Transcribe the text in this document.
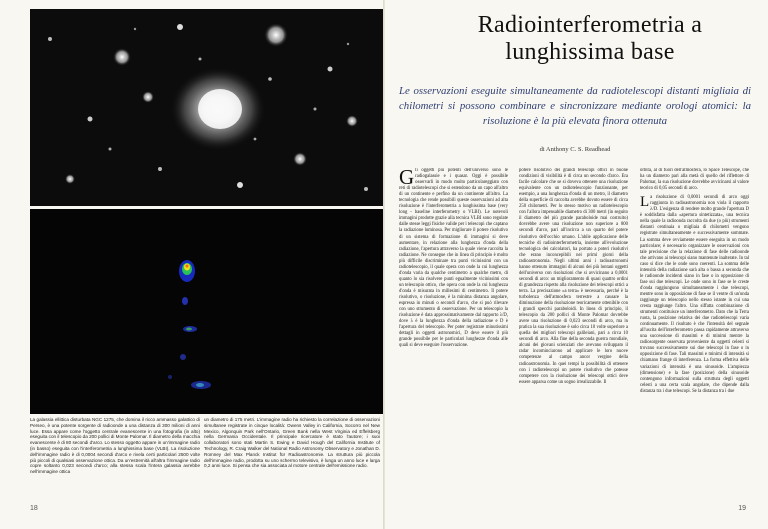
La galassia ellittica disturbata NGC 1275, che domina il ricco ammasso galattico di Perseo, è una potente sorgente di radioonde a una distanza di 300 milioni di anni luce. Essa appare come l'oggetto centrale evanescente in una fotografia (in alto) eseguita con il telescopio da 200 pollici di Monte Palomar. Il diametro della macchia evanescente è di 80 secondi d'arco. Lo stesso oggetto appare in un'immagine radio (in basso) eseguita con l'interferometria a lunghissima base (VLBI). La risoluzione dell'immagine radio è di 0,0004 secondi d'arco e rivela certi particolari 2500 volte più piccoli di qualsiasi osservazione ottica. Da un'estremità all'altra l'immagine radio copre soltanto 0,023 secondi d'arco; alla stessa scala l'intera galassia avrebbe nell'immagine ottica
un diametro di 175 metri. L'immagine radio ha richiesto la correlazione di osservazioni simultanee registrate in cinque località: Owens Valley in California, Socorro nel New Mexico, Algonquin Park nell'Ontario, Green Bank nella West Virginia ed Effelsberg nella Germania Occidentale. Il principale ricercatore è stato l'autore; i suoi collaboratori sono stati Martin S. Ewing e David Hough del California Institute of Technology, R. Craig Walker del National Radio Astronomy Observatory e Jonathan D. Romney del Max Planck Institut für Radioastronomie. La struttura più piccola dell'immagine radio, prodotta su uno schermo televisivo, è lunga un anno luce e larga 0,2 anni luce. Si pensa che sia associata al motore centrale dell'emissione radio.
18
Radiointerferometria a lunghissima base
Le osservazioni eseguite simultaneamente da radiotelescopi distanti migliaia di chilometri si possono combinare e sincronizzare mediante orologi atomici: la risoluzione è la più elevata finora ottenuta
di Anthony C. S. Readhead
Gli oggetti più potenti dell'universo sono le radiogalassie e i quasar. Oggi è possibile osservarli in modo molto particolareggiato con reti di radiotelescopi che si estendono da un capo all'altro di un continente e perfino da un continente all'altro. La tecnologia che rende possibili queste osservazioni ad alta risoluzione è l'interferometria a lunghissima base (very long - baseline interferometry o VLBI). Le notevoli immagini prodotte grazie alla tecnica VLBI sono regolate dalle stesse leggi fisiche valide per i telescopi che captano la radiazione luminosa. Per migliorare il potere risolutivo di un sistema di formazione di immagini si deve aumentare, in relazione alla lunghezza d'onda della radiazione, l'apertura attraverso la quale viene raccolta la radiazione. Ne consegue che in linea di principio è molto più difficile discriminare tra punti vicinissimi con un radiotelescopio, il quale opera con onde la cui lunghezza d'onda varia da qualche centimetro a qualche metro, di quanto lo sia risolvere punti egualmente vicinissimi con un telescopio ottico, che opera con onde la cui lunghezza d'onda è misurata in millesimi di centimetro. Il potere risolutivo, o risoluzione, è la minima distanza angolare, espressa in minuti o secondi d'arco, che si può rilevare con uno strumento di osservazione. Per un telescopio la risoluzione è data approssimativamente dal rapporto λ/D, dove λ è la lunghezza d'onda della radiazione e D è l'apertura del telescopio. Per poter registrare minutissimi dettagli in oggetti astronomici, D deve essere il più grande possibile per le particolari lunghezze d'onda alle quali si deve eseguire l'osservazione.
potere risolutivo dei grandi telescopi ottici in buone condizioni di visibilità è di circa un secondo d'arco. Era facile calcolare che se si doveva ottenere una risoluzione equivalente con un radiotelescopio funzionante, per esempio, a una lunghezza d'onda di un metro, il diametro della superficie di raccolta avrebbe dovuto essere di circa 250 chilometri. Per lo stesso motivo un radiotelescopio con l'allora impensabile diametro di 300 metri (in seguito il diametro del più grande paraboloide mai costruito) dovrebbe avere una risoluzione non superiore a 800 secondi d'arco, pari all'incirca a un quarto del potere risolutivo dell'occhio umano. L'abile applicazione delle tecniche di radiointerferometria, insieme all'evoluzione tecnologica dei calcolatori, ha portato a poteri risolutivi che erano inconcepibili nei primi giorni della radioastronomia. Negli ultimi anni i radioastronomi hanno ottenuto immagini di alcuni dei più lontani oggetti dell'universo con risoluzioni che si avvicinano a 0,0001 secondi di arco: un miglioramento di quasi quattro ordini di grandezza rispetto alla risoluzione dei telescopi ottici a terra. La precisazione «a terra» è necessaria, perché è la turbolenza dell'atmosfera terrestre a causare la diminuzione della risoluzione teoricamente ottenibile con i grandi specchi paraboloidi. In linea di principio, il telescopio da 200 pollici di Monte Palomar dovrebbe avere una risoluzione di 0,023 secondi di arco, ma in pratica la sua risoluzione è solo circa 10 volte superiore a quella dei migliori telescopi galileiani, pari a circa 10 secondi di arco. Alla fine della seconda guerra mondiale, alcuni dei giovani scienziati che avevano sviluppato il radar incominciarono ad applicare le loro nuove competenze al campo ancor vergine della radioastronomia. In quei tempi la possibilità di ottenere con i radiotelescopi un potere risolutivo che potesse competere con la risoluzione dei telescopi ottici deve essere apparsa come un sogno irrealizzabile. Il
orbita, al di fuori dell'atmosfera, lo Space Telescope, che ha un diametro pari alla metà di quello del riflettore di Palomar, la sua risoluzione dovrebbe avvicinarsi al valore teorico di 0,05 secondi di arco.
L a risoluzione di 0,0001 secondi di arco oggi raggiunta in radioastronomia non viola il rapporto λ/D. L'esigenza di rendere molto grande l'apertura D è soddisfatta dalla «apertura sintetizzata», una tecnica nella quale la radioonda raccolta da due (o più) strumenti distanti centinaia o migliaia di chilometri vengono registrate simultaneamente e successivamente sommate. La somma deve ovviamente essere eseguita in un modo particolare; è necessario organizzare le osservazioni con tale precisione che la relazione di fase delle radioonde che arrivano ai telescopi siano mantenute inalterate. In tal caso si dice che le onde sono coerenti. La somma delle intensità della radiazione sarà alta o bassa a seconda che le radioonde incidenti siano in fase o in opposizione di fase sui due telescopi. Le onde sono in fase se le creste d'onda raggiungono simultaneamente i due telescopi, mentre sono in opposizione di fase se il ventre di un'onda raggiunge un telescopio nello stesso istante in cui una cresta raggiunge l'altro. Una siffatta combinazione di strumenti costituisce un interferometro. Dato che la Terra ruota, la posizione relativa dei due radiotelescopi varia continuamente. Il risultato è che l'intensità del segnale all'uscita dell'interferometro passa rapidamente attraverso una successione di massimi e di minimi mentre la radiosorgente osservata proveniente da oggetti celesti si trovano successivamente sui due telescopi in fase o in opposizione di fase. Tali massimi e minimi di intensità si chiamano frange di interferenza. La forma effettiva delle variazioni di intensità è una sinusoide. L'ampiezza (dimensione) e la fase (posizione) della sinusoide contengono informazioni sulla struttura degli oggetti celesti a una certa scala angolare, che dipende dalla distanza tra i due telescopi. Se la distanza tra i due
19
